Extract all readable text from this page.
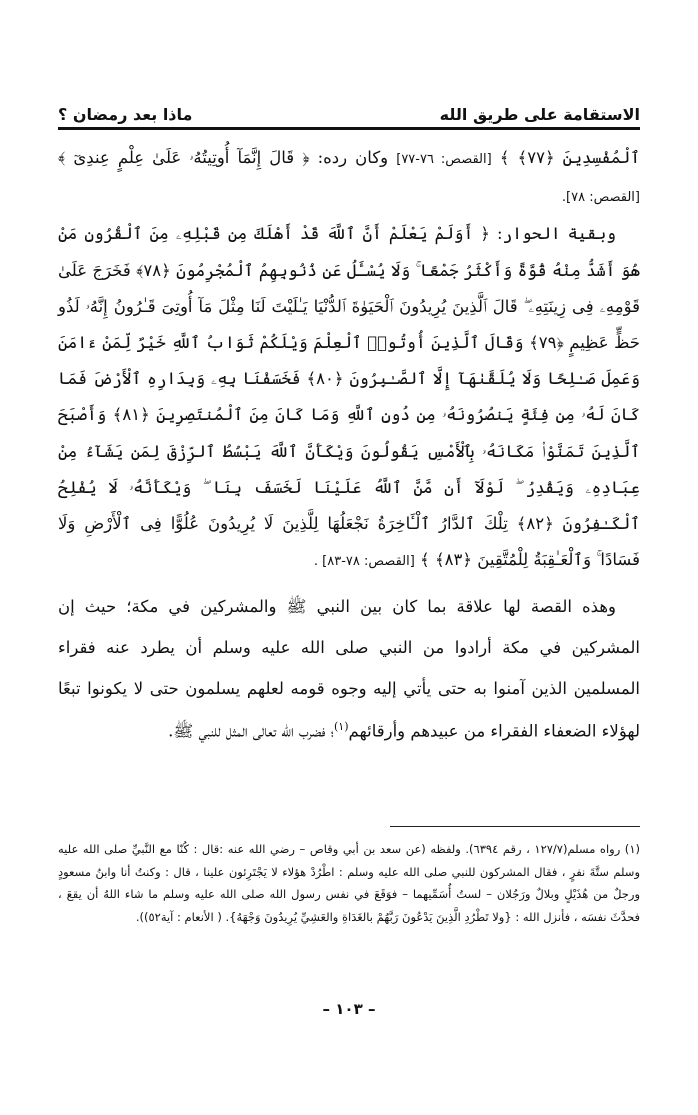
الاستقامة على طريق الله
ماذا بعد رمضان ؟

ٱلْمُفْسِدِينَ ﴿٧٧﴾ ﴾ [القصص: ٧٦-٧٧] وكان رده: ﴿ قَالَ إِنَّمَآ أُوتِيتُهُۥ عَلَىٰ عِلْمٍ عِندِىٓ ﴾ [القصص: ٧٨].

وبقية الحوار: ﴿ أَوَلَمْ يَعْلَمْ أَنَّ ٱللَّهَ قَدْ أَهْلَكَ مِن قَبْلِهِۦ مِنَ ٱلْقُرُونِ مَنْ هُوَ أَشَدُّ مِنْهُ قُوَّةً وَأَكْثَرُ جَمْعًا ۚ وَلَا يُسْـَٔلُ عَن ذُنُوبِهِمُ ٱلْمُجْرِمُونَ ﴿٧٨﴾ فَخَرَجَ عَلَىٰ قَوْمِهِۦ فِى زِينَتِهِۦ ۖ قَالَ ٱلَّذِينَ يُرِيدُونَ ٱلْحَيَوٰةَ ٱلدُّنْيَا يَـٰلَيْتَ لَنَا مِثْلَ مَآ أُوتِىَ قَـٰرُونُ إِنَّهُۥ لَذُو حَظٍّ عَظِيمٍ ﴿٧٩﴾ وَقَالَ ٱلَّذِينَ أُوتُوا۟ ٱلْعِلْمَ وَيْلَكُمْ ثَوَابُ ٱللَّهِ خَيْرٌ لِّمَنْ ءَامَنَ وَعَمِلَ صَـٰلِحًا وَلَا يُلَقَّىٰهَآ إِلَّا ٱلصَّـٰبِرُونَ ﴿٨٠﴾ فَخَسَفْنَا بِهِۦ وَبِدَارِهِ ٱلْأَرْضَ فَمَا كَانَ لَهُۥ مِن فِئَةٍ يَنصُرُونَهُۥ مِن دُونِ ٱللَّهِ وَمَا كَانَ مِنَ ٱلْمُنتَصِرِينَ ﴿٨١﴾ وَأَصْبَحَ ٱلَّذِينَ تَمَنَّوْا۟ مَكَانَهُۥ بِٱلْأَمْسِ يَقُولُونَ وَيْكَأَنَّ ٱللَّهَ يَبْسُطُ ٱلرِّزْقَ لِمَن يَشَآءُ مِنْ عِبَادِهِۦ وَيَقْدِرُ ۖ لَوْلَآ أَن مَّنَّ ٱللَّهُ عَلَيْنَا لَخَسَفَ بِنَا ۖ وَيْكَأَنَّهُۥ لَا يُفْلِحُ ٱلْكَـٰفِرُونَ ﴿٨٢﴾ تِلْكَ ٱلدَّارُ ٱلْـَٔاخِرَةُ نَجْعَلُهَا لِلَّذِينَ لَا يُرِيدُونَ عُلُوًّا فِى ٱلْأَرْضِ وَلَا فَسَادًا ۚ وَٱلْعَـٰقِبَةُ لِلْمُتَّقِينَ ﴿٨٣﴾ ﴾ [القصص: ٧٨-٨٣] .

وهذه القصة لها علاقة بما كان بين النبي ﷺ والمشركين في مكة؛ حيث إن المشركين في مكة أرادوا من النبي صلى الله عليه وسلم أن يطرد عنه فقراء المسلمين الذين آمنوا به حتى يأتي إليه وجوه قومه لعلهم يسلمون حتى لا يكونوا تبعًا لهؤلاء الضعفاء الفقراء من عبيدهم وأرقائهم$^{(١)}$؛ فضرب الله تعالى المثل للنبي ﷺ.

(١) رواه مسلم(١٢٧/٧ ، رقم ٦٣٩٤). ولفظه (عن سعد بن أبي وقاص – رضي الله عنه :قال : كُنّا مع النَّبيِّ صلى الله عليه وسلم ستَّةَ نفرٍ ، فقال المشركون للنبي صلى الله عليه وسلم : اطْرُدْ هؤلاء لا يَجْتَرِئون علينا ، قال : وكنتُ أنا وابنُ مسعودٍ ورجلٌ من هُذَيْلٍ وبلالٌ ورَجُلان – لستُ أُسَمِّيهما – فوَقَعَ في نفس رسول الله صلى الله عليه وسلم ما شاء اللهُ أن يقعَ ، فحدَّثَ نفسَه ، فأنزل الله : {ولا تَطْرُدِ الَّذِينَ يَدْعُونَ رَبَّهُمْ بالغَدَاةِ والعَشِيِّ يُرِيدُونَ وَجْهَهُ}. ( الأنعام : آية٥٢)).
– ١٠٣ –
